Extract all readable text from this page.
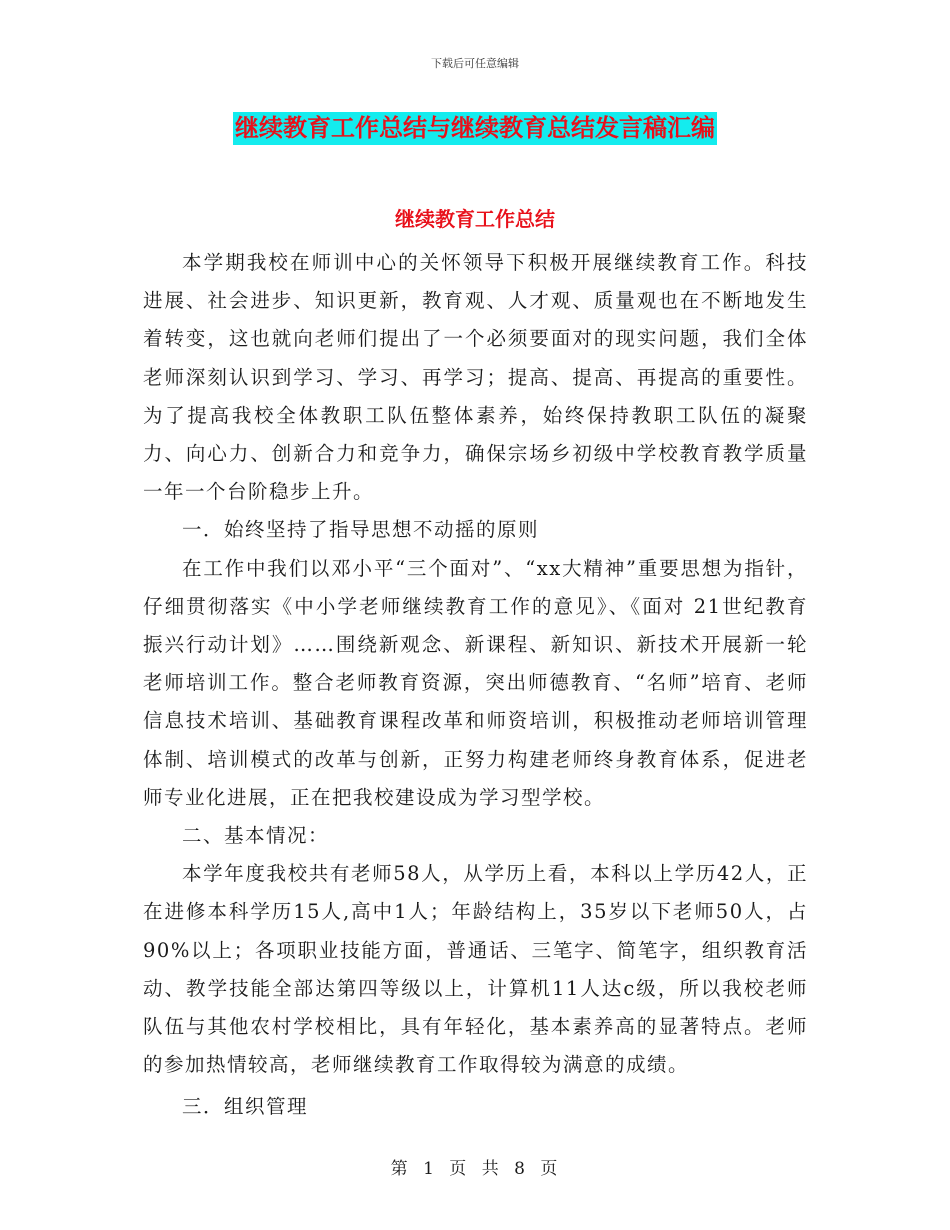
下载后可任意编辑
继续教育工作总结与继续教育总结发言稿汇编
继续教育工作总结

本学期我校在师训中心的关怀领导下积极开展继续教育工作。科技进展、社会进步、知识更新，教育观、人才观、质量观也在不断地发生着转变，这也就向老师们提出了一个必须要面对的现实问题，我们全体老师深刻认识到学习、学习、再学习；提高、提高、再提高的重要性。为了提高我校全体教职工队伍整体素养，始终保持教职工队伍的凝聚力、向心力、创新合力和竞争力，确保宗场乡初级中学校教育教学质量一年一个台阶稳步上升。

一．始终坚持了指导思想不动摇的原则

在工作中我们以邓小平“三个面对”、“xx大精神”重要思想为指针，仔细贯彻落实《中小学老师继续教育工作的意见》、《面对 21世纪教育振兴行动计划》……围绕新观念、新课程、新知识、新技术开展新一轮老师培训工作。整合老师教育资源，突出师德教育、“名师”培育、老师信息技术培训、基础教育课程改革和师资培训，积极推动老师培训管理体制、培训模式的改革与创新，正努力构建老师终身教育体系，促进老师专业化进展，正在把我校建设成为学习型学校。

二、基本情况：

本学年度我校共有老师58人，从学历上看，本科以上学历42人，正在进修本科学历15人,高中1人；年龄结构上，35岁以下老师50人，占90%以上；各项职业技能方面，普通话、三笔字、简笔字，组织教育活动、教学技能全部达第四等级以上，计算机11人达c级，所以我校老师队伍与其他农村学校相比，具有年轻化，基本素养高的显著特点。老师的参加热情较高，老师继续教育工作取得较为满意的成绩。

三．组织管理

第 1 页 共 8 页
